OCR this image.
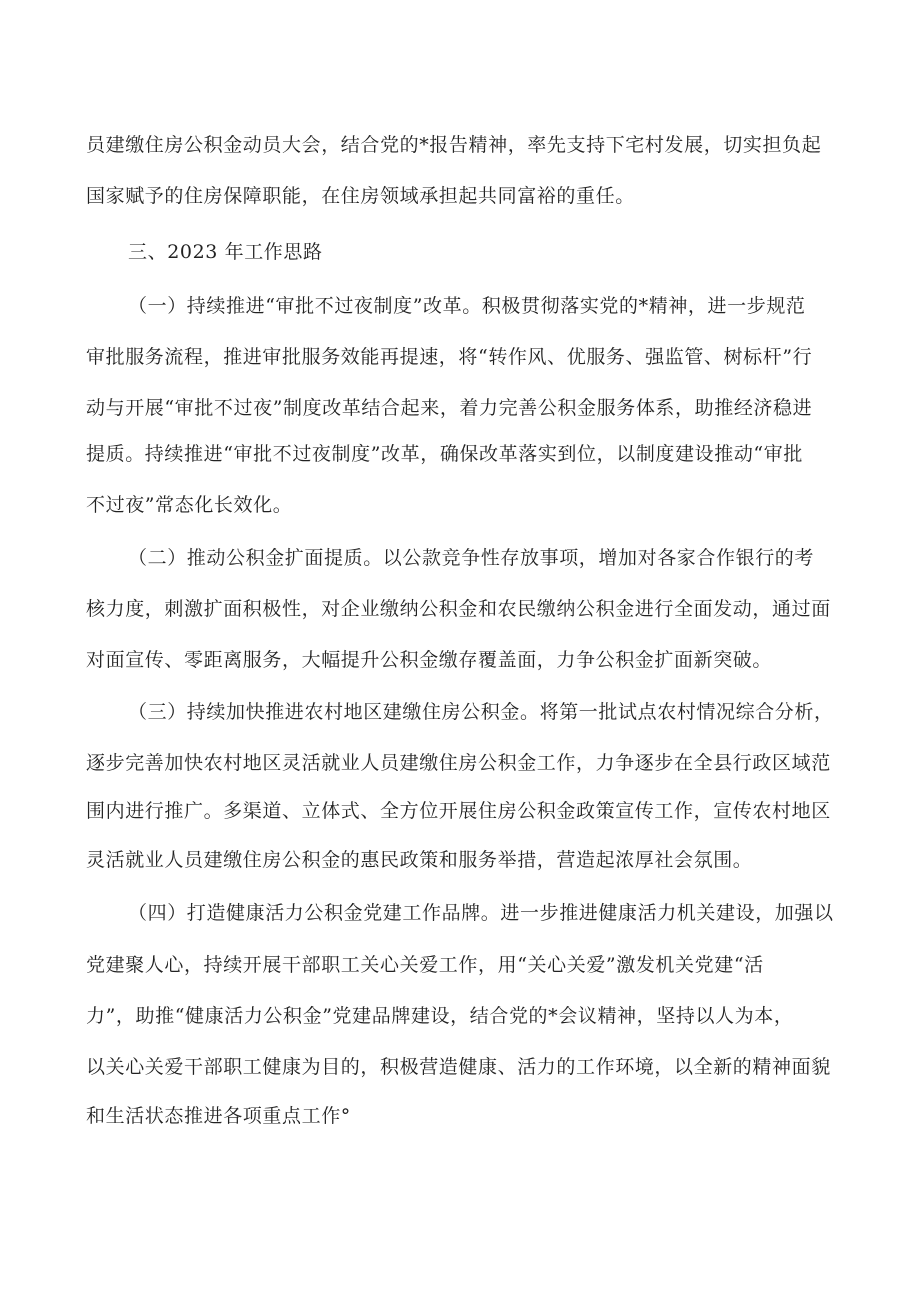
员建缴住房公积金动员大会，结合党的*报告精神，率先支持下宅村发展，切实担负起
国家赋予的住房保障职能，在住房领域承担起共同富裕的重任。
三、2023 年工作思路
（一）持续推进“审批不过夜制度”改革。积极贯彻落实党的*精神，进一步规范
审批服务流程，推进审批服务效能再提速，将“转作风、优服务、强监管、树标杆”行
动与开展“审批不过夜”制度改革结合起来，着力完善公积金服务体系，助推经济稳进
提质。持续推进“审批不过夜制度”改革，确保改革落实到位，以制度建设推动“审批
不过夜”常态化长效化。
（二）推动公积金扩面提质。以公款竞争性存放事项，增加对各家合作银行的考
核力度，刺激扩面积极性，对企业缴纳公积金和农民缴纳公积金进行全面发动，通过面
对面宣传、零距离服务，大幅提升公积金缴存覆盖面，力争公积金扩面新突破。
（三）持续加快推进农村地区建缴住房公积金。将第一批试点农村情况综合分析，
逐步完善加快农村地区灵活就业人员建缴住房公积金工作，力争逐步在全县行政区域范
围内进行推广。多渠道、立体式、全方位开展住房公积金政策宣传工作，宣传农村地区
灵活就业人员建缴住房公积金的惠民政策和服务举措，营造起浓厚社会氛围。
（四）打造健康活力公积金党建工作品牌。进一步推进健康活力机关建设，加强以
党建聚人心，持续开展干部职工关心关爱工作，用“关心关爱”激发机关党建“活
力”，助推“健康活力公积金”党建品牌建设，结合党的*会议精神，坚持以人为本，
以关心关爱干部职工健康为目的，积极营造健康、活力的工作环境，以全新的精神面貌
和生活状态推进各项重点工作°
